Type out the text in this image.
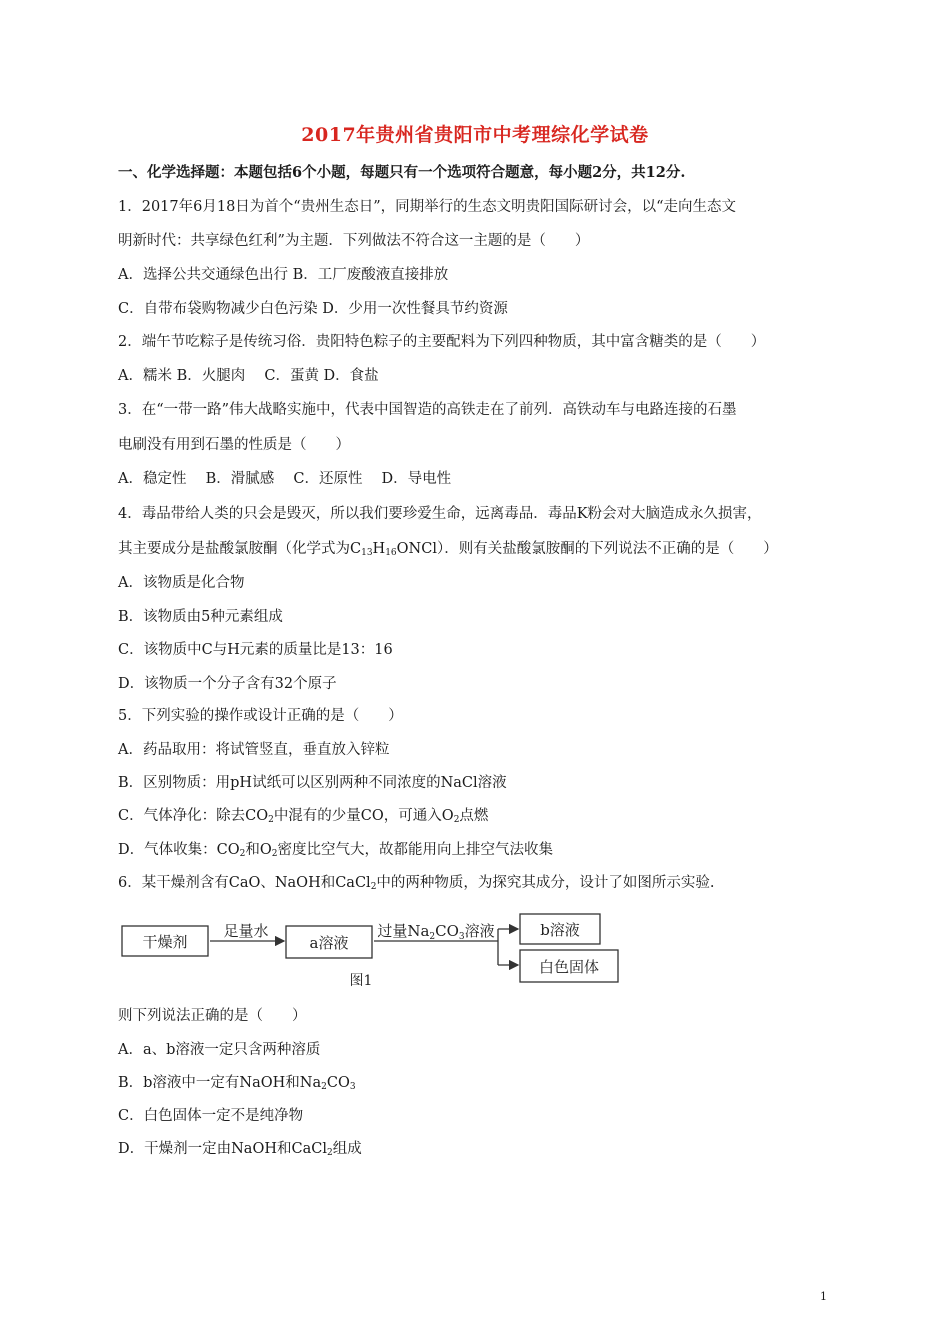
2017年贵州省贵阳市中考理综化学试卷
一、化学选择题：本题包括6个小题，每题只有一个选项符合题意，每小题2分，共12分.
1．2017年6月18日为首个“贵州生态日”，同期举行的生态文明贵阳国际研讨会，以“走向生态文
明新时代：共享绿色红利”为主题．下列做法不符合这一主题的是（　　）
A．选择公共交通绿色出行 B．工厂废酸液直接排放
C．自带布袋购物减少白色污染 D．少用一次性餐具节约资源
2．端午节吃粽子是传统习俗．贵阳特色粽子的主要配料为下列四种物质，其中富含糖类的是（　　）
A．糯米 B．火腿肉　 C．蛋黄 D．食盐
3．在“一带一路”伟大战略实施中，代表中国智造的高铁走在了前列．高铁动车与电路连接的石墨
电刷没有用到石墨的性质是（　　）
A．稳定性　 B．滑腻感　 C．还原性　 D．导电性
4．毒品带给人类的只会是毁灭，所以我们要珍爱生命，远离毒品．毒品K粉会对大脑造成永久损害，
其主要成分是盐酸氯胺酮（化学式为$C_{13}H_{16}ONCl$）．则有关盐酸氯胺酮的下列说法不正确的是（　　）
A．该物质是化合物
B．该物质由5种元素组成
C．该物质中C与H元素的质量比是13：16
D．该物质一个分子含有32个原子
5．下列实验的操作或设计正确的是（　　）
A．药品取用：将试管竖直，垂直放入锌粒
B．区别物质：用pH试纸可以区别两种不同浓度的NaCl溶液
C．气体净化：除去$CO_2$中混有的少量CO，可通入$O_2$点燃
D．气体收集：$CO_2$和$O_2$密度比空气大，故都能用向上排空气法收集
6．某干燥剂含有CaO、NaOH和CaCl$_2$中的两种物质，为探究其成分，设计了如图所示实验.
干燥剂
足量水
a溶液
过量$Na_2CO_3$溶液	b溶液
白色固体
图1
则下列说法正确的是（　　）
A．a、b溶液一定只含两种溶质
B．b溶液中一定有NaOH和$Na_2CO_3$
C．白色固体一定不是纯净物
D．干燥剂一定由NaOH和CaCl$_2$组成
1
